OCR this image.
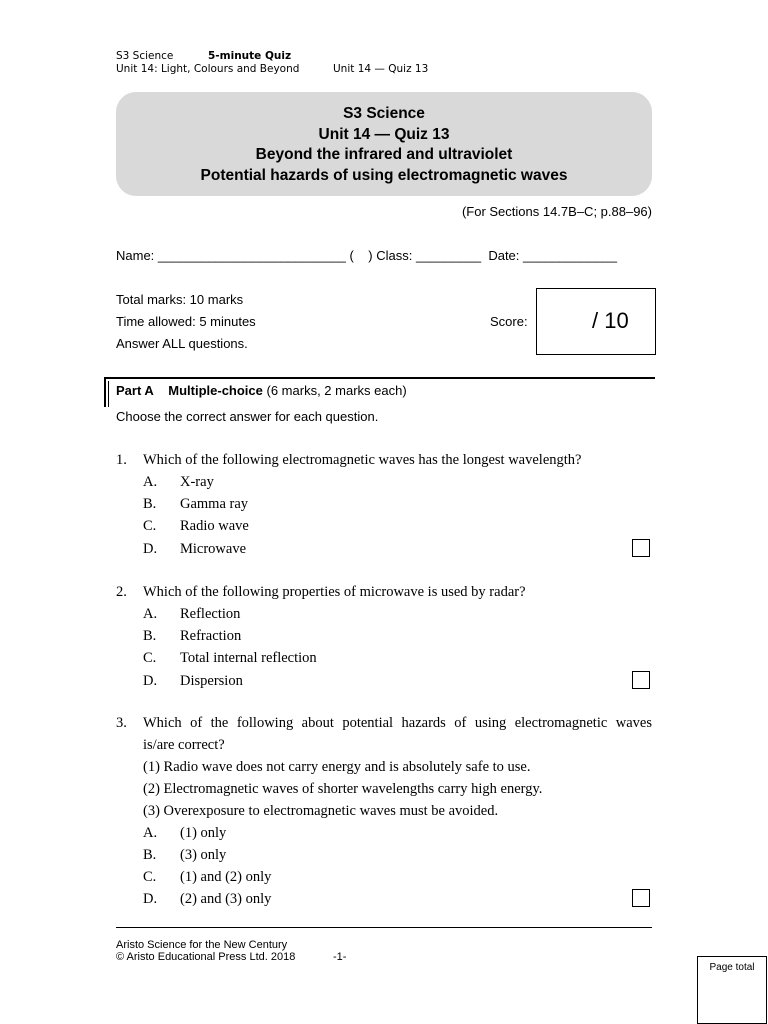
S3 Science	5-minute Quiz
Unit 14: Light, Colours and Beyond	Unit 14 — Quiz 13
S3 Science
Unit 14 — Quiz 13
Beyond the infrared and ultraviolet
Potential hazards of using electromagnetic waves
(For Sections 14.7B–C; p.88–96)
Name: __________________________ (    ) Class: _________ Date: _____________
Total marks: 10 marks
Time allowed: 5 minutes
Answer ALL questions.
Score:	/ 10
Part A Multiple-choice (6 marks, 2 marks each)
Choose the correct answer for each question.
1. Which of the following electromagnetic waves has the longest wavelength?
A. X-ray
B. Gamma ray
C. Radio wave
D. Microwave
2. Which of the following properties of microwave is used by radar?
A. Reflection
B. Refraction
C. Total internal reflection
D. Dispersion
3. Which of the following about potential hazards of using electromagnetic waves
is/are correct?
(1) Radio wave does not carry energy and is absolutely safe to use.
(2) Electromagnetic waves of shorter wavelengths carry high energy.
(3) Overexposure to electromagnetic waves must be avoided.
A. (1) only
B. (3) only
C. (1) and (2) only
D. (2) and (3) only
Aristo Science for the New Century
© Aristo Educational Press Ltd. 2018	-1-
Page total
